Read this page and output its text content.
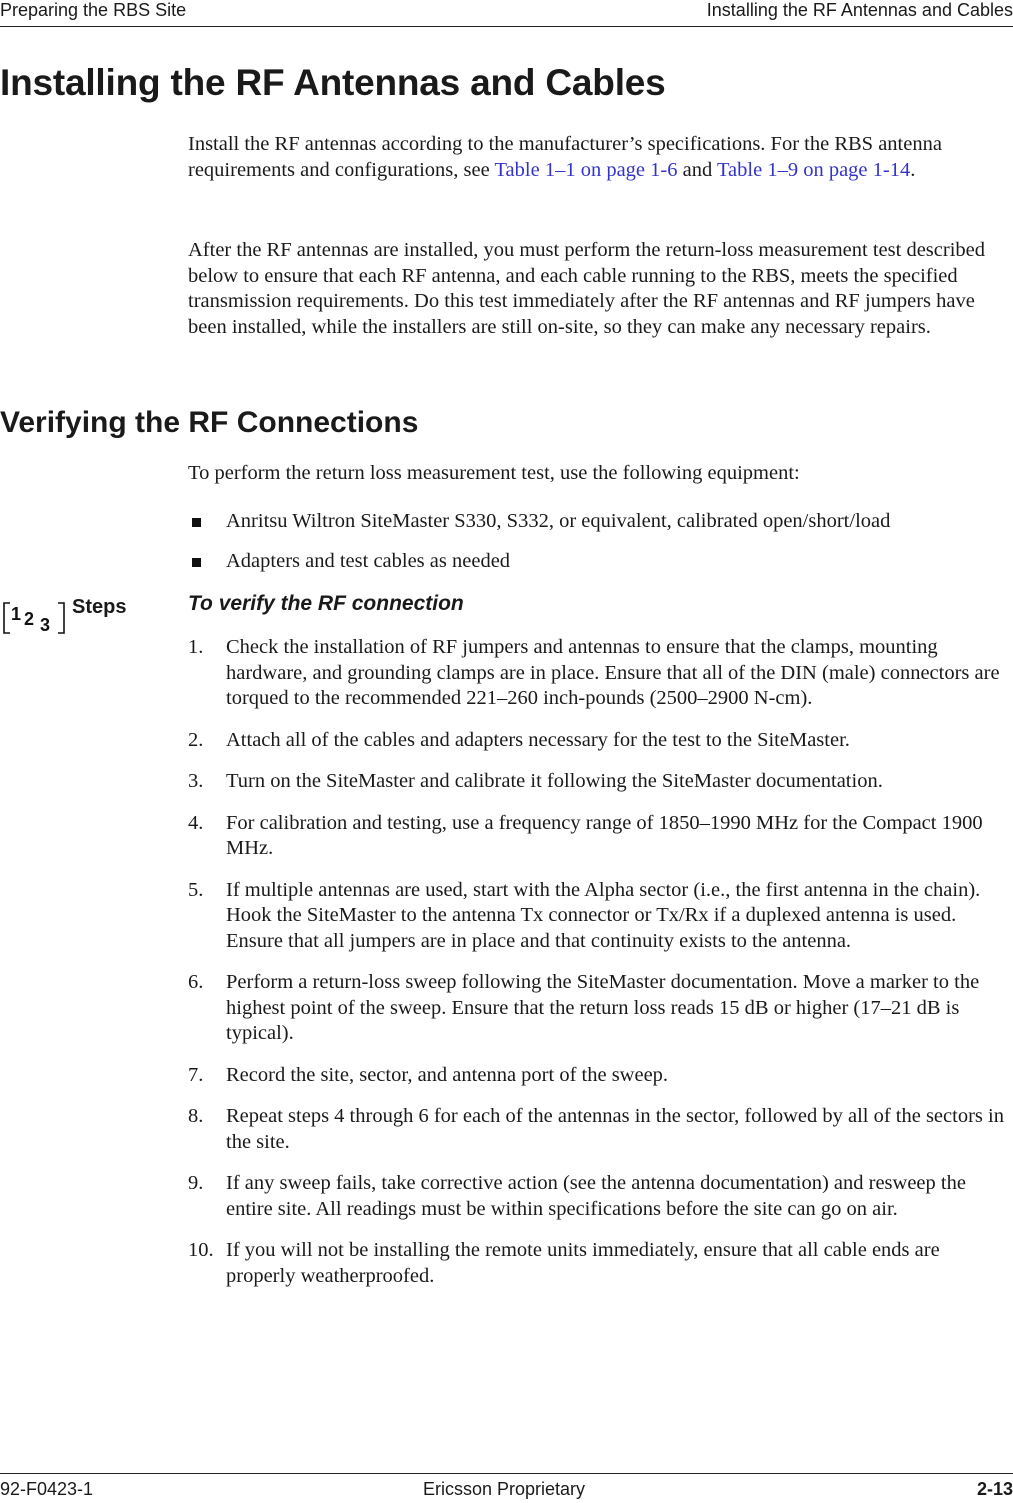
Preparing the RBS Site	Installing the RF Antennas and Cables
Installing the RF Antennas and Cables

Install the RF antennas according to the manufacturer’s specifications. For the RBS antenna requirements and configurations, see Table 1–1 on page 1-6 and Table 1–9 on page 1-14.

After the RF antennas are installed, you must perform the return-loss measurement test described below to ensure that each RF antenna, and each cable running to the RBS, meets the specified transmission requirements. Do this test immediately after the RF antennas and RF jumpers have been installed, while the installers are still on-site, so they can make any necessary repairs.

Verifying the RF Connections

To perform the return loss measurement test, use the following equipment:

Anritsu Wiltron SiteMaster S330, S332, or equivalent, calibrated open/short/load
Adapters and test cables as needed
1 2 3
Steps	To verify the RF connection

1. Check the installation of RF jumpers and antennas to ensure that the clamps, mounting hardware, and grounding clamps are in place. Ensure that all of the DIN (male) connectors are torqued to the recommended 221–260 inch-pounds (2500–2900 N-cm).
2. Attach all of the cables and adapters necessary for the test to the SiteMaster.
3. Turn on the SiteMaster and calibrate it following the SiteMaster documentation.
4. For calibration and testing, use a frequency range of 1850–1990 MHz for the Compact 1900 MHz.
5. If multiple antennas are used, start with the Alpha sector (i.e., the first antenna in the chain). Hook the SiteMaster to the antenna Tx connector or Tx/Rx if a duplexed antenna is used. Ensure that all jumpers are in place and that continuity exists to the antenna.
6. Perform a return-loss sweep following the SiteMaster documentation. Move a marker to the highest point of the sweep. Ensure that the return loss reads 15 dB or higher (17–21 dB is typical).
7. Record the site, sector, and antenna port of the sweep.
8. Repeat steps 4 through 6 for each of the antennas in the sector, followed by all of the sectors in the site.
9. If any sweep fails, take corrective action (see the antenna documentation) and resweep the entire site. All readings must be within specifications before the site can go on air.
10. If you will not be installing the remote units immediately, ensure that all cable ends are properly weatherproofed.
92-F0423-1	Ericsson Proprietary	2-13
